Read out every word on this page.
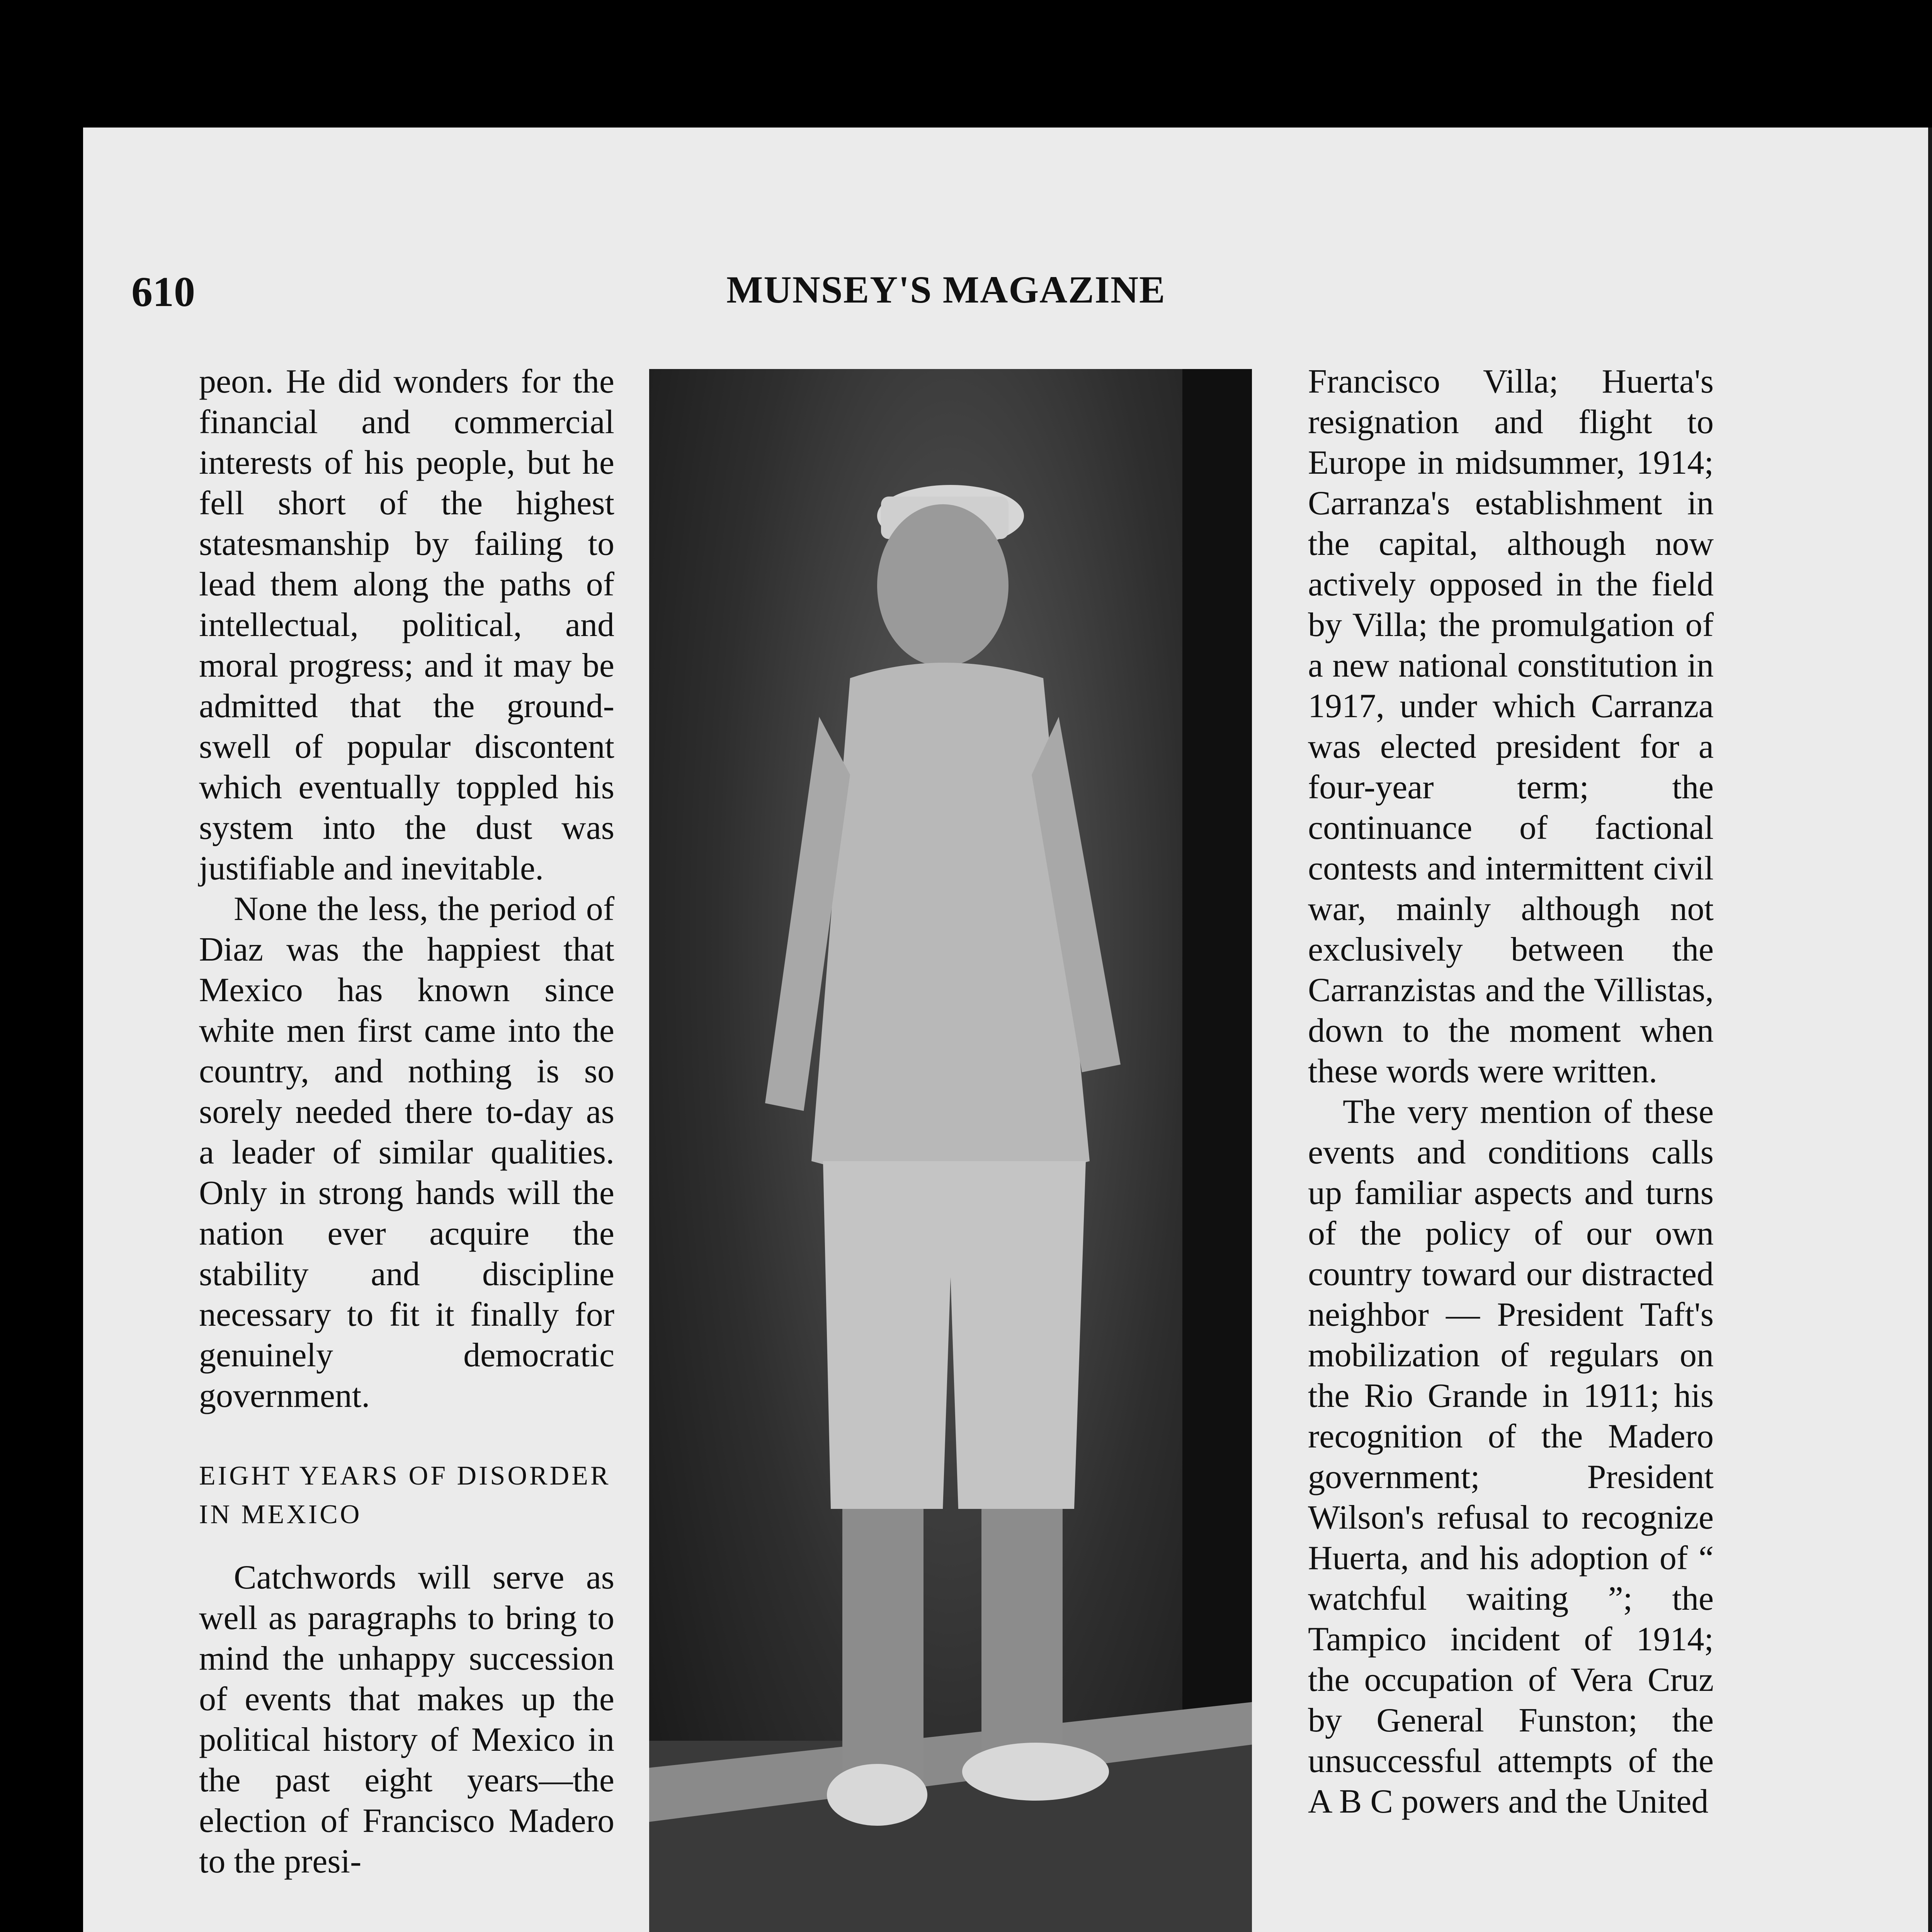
610	MUNSEY'S MAGAZINE

peon. He did wonders for the financial and commercial interests of his people, but he fell short of the highest statesmanship by failing to lead them along the paths of intellectual, political, and moral progress; and it may be admitted that the ground-swell of popular discontent which eventually toppled his system into the dust was justifiable and inevitable.

None the less, the period of Diaz was the happiest that Mexico has known since white men first came into the country, and nothing is so sorely needed there to-day as a leader of similar qualities. Only in strong hands will the nation ever acquire the stability and discipline necessary to fit it finally for genuinely democratic government.

EIGHT YEARS OF DISORDER IN MEXICO

Catchwords will serve as well as paragraphs to bring to mind the unhappy succession of events that makes up the political history of Mexico in the past eight years—the election of Francisco Madero to the presi-

Francisco Villa; Huerta's resignation and flight to Europe in midsummer, 1914; Carranza's establishment in the capital, although now actively opposed in the field by Villa; the promulgation of a new national constitution in 1917, under which Carranza was elected president for a four-year term; the continuance of factional contests and intermittent civil war, mainly although not exclusively between the Carranzistas and the Villistas, down to the moment when these words were written.

The very mention of these events and conditions calls up familiar aspects and turns of the policy of our own country toward our distracted neighbor — President Taft's mobilization of regulars on the Rio Grande in 1911; his recognition of the Madero government; President Wilson's refusal to recognize Huerta, and his adoption of “ watchful waiting ”; the Tampico incident of 1914; the occupation of Vera Cruz by General Funston; the unsuccessful attempts of the A B C powers and the United
